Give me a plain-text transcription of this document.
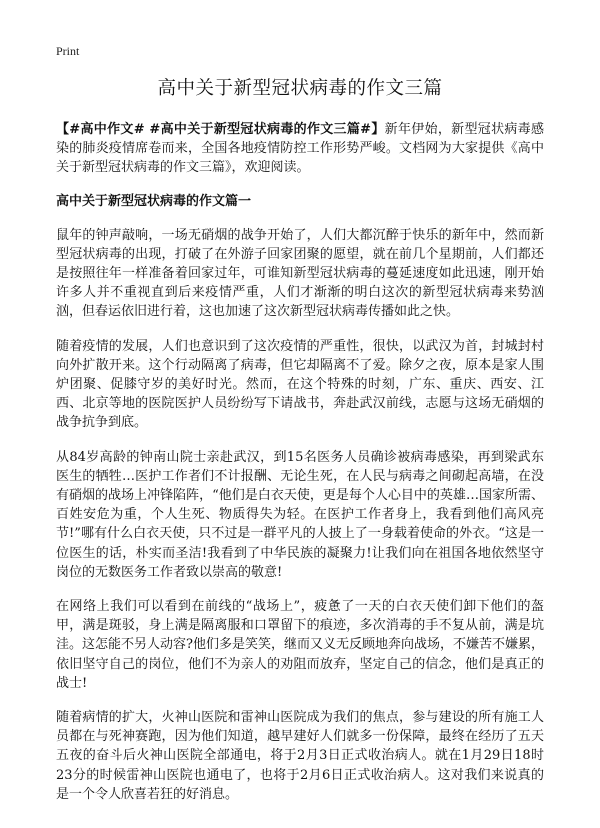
Print
高中关于新型冠状病毒的作文三篇

【#高中作文# #高中关于新型冠状病毒的作文三篇#】新年伊始，新型冠状病毒感染的肺炎疫情席卷而来，全国各地疫情防控工作形势严峻。文档网为大家提供《高中关于新型冠状病毒的作文三篇》，欢迎阅读。

高中关于新型冠状病毒的作文篇一

鼠年的钟声敲响，一场无硝烟的战争开始了，人们大都沉醉于快乐的新年中，然而新型冠状病毒的出现，打破了在外游子回家团聚的愿望，就在前几个星期前，人们都还是按照往年一样准备着回家过年，可谁知新型冠状病毒的蔓延速度如此迅速，刚开始许多人并不重视直到后来疫情严重，人们才渐渐的明白这次的新型冠状病毒来势汹汹，但春运依旧进行着，这也加速了这次新型冠状病毒传播如此之快。

随着疫情的发展，人们也意识到了这次疫情的严重性，很快，以武汉为首，封城封村向外扩散开来。这个行动隔离了病毒，但它却隔离不了爱。除夕之夜，原本是家人围炉团聚、促膝守岁的美好时光。然而，在这个特殊的时刻，广东、重庆、西安、江西、北京等地的医院医护人员纷纷写下请战书，奔赴武汉前线，志愿与这场无硝烟的战争抗争到底。

从84岁高龄的钟南山院士亲赴武汉，到15名医务人员确诊被病毒感染，再到梁武东医生的牺牲…医护工作者们不计报酬、无论生死，在人民与病毒之间砌起高墙，在没有硝烟的战场上冲锋陷阵，“他们是白衣天使，更是每个人心目中的英雄…国家所需、百姓安危为重，个人生死、物质得失为轻。在医护工作者身上，我看到他们高风亮节!”哪有什么白衣天使，只不过是一群平凡的人披上了一身载着使命的外衣。“这是一位医生的话，朴实而圣洁!我看到了中华民族的凝聚力!让我们向在祖国各地依然坚守岗位的无数医务工作者致以崇高的敬意!

在网络上我们可以看到在前线的“战场上”，疲惫了一天的白衣天使们卸下他们的盔甲，满是斑驳，身上满是隔离服和口罩留下的痕迹，多次消毒的手不复从前，满是坑洼。这怎能不另人动容?他们多是笑笑，继而又义无反顾地奔向战场，不嫌苦不嫌累，依旧坚守自己的岗位，他们不为亲人的劝阻而放弃，坚定自己的信念，他们是真正的战士!

随着病情的扩大，火神山医院和雷神山医院成为我们的焦点，参与建设的所有施工人员都在与死神赛跑，因为他们知道，越早建好人们就多一份保障，最终在经历了五天五夜的奋斗后火神山医院全部通电，将于2月3日正式收治病人。就在1月29日18时23分的时候雷神山医院也通电了，也将于2月6日正式收治病人。这对我们来说真的是一个令人欣喜若狂的好消息。
